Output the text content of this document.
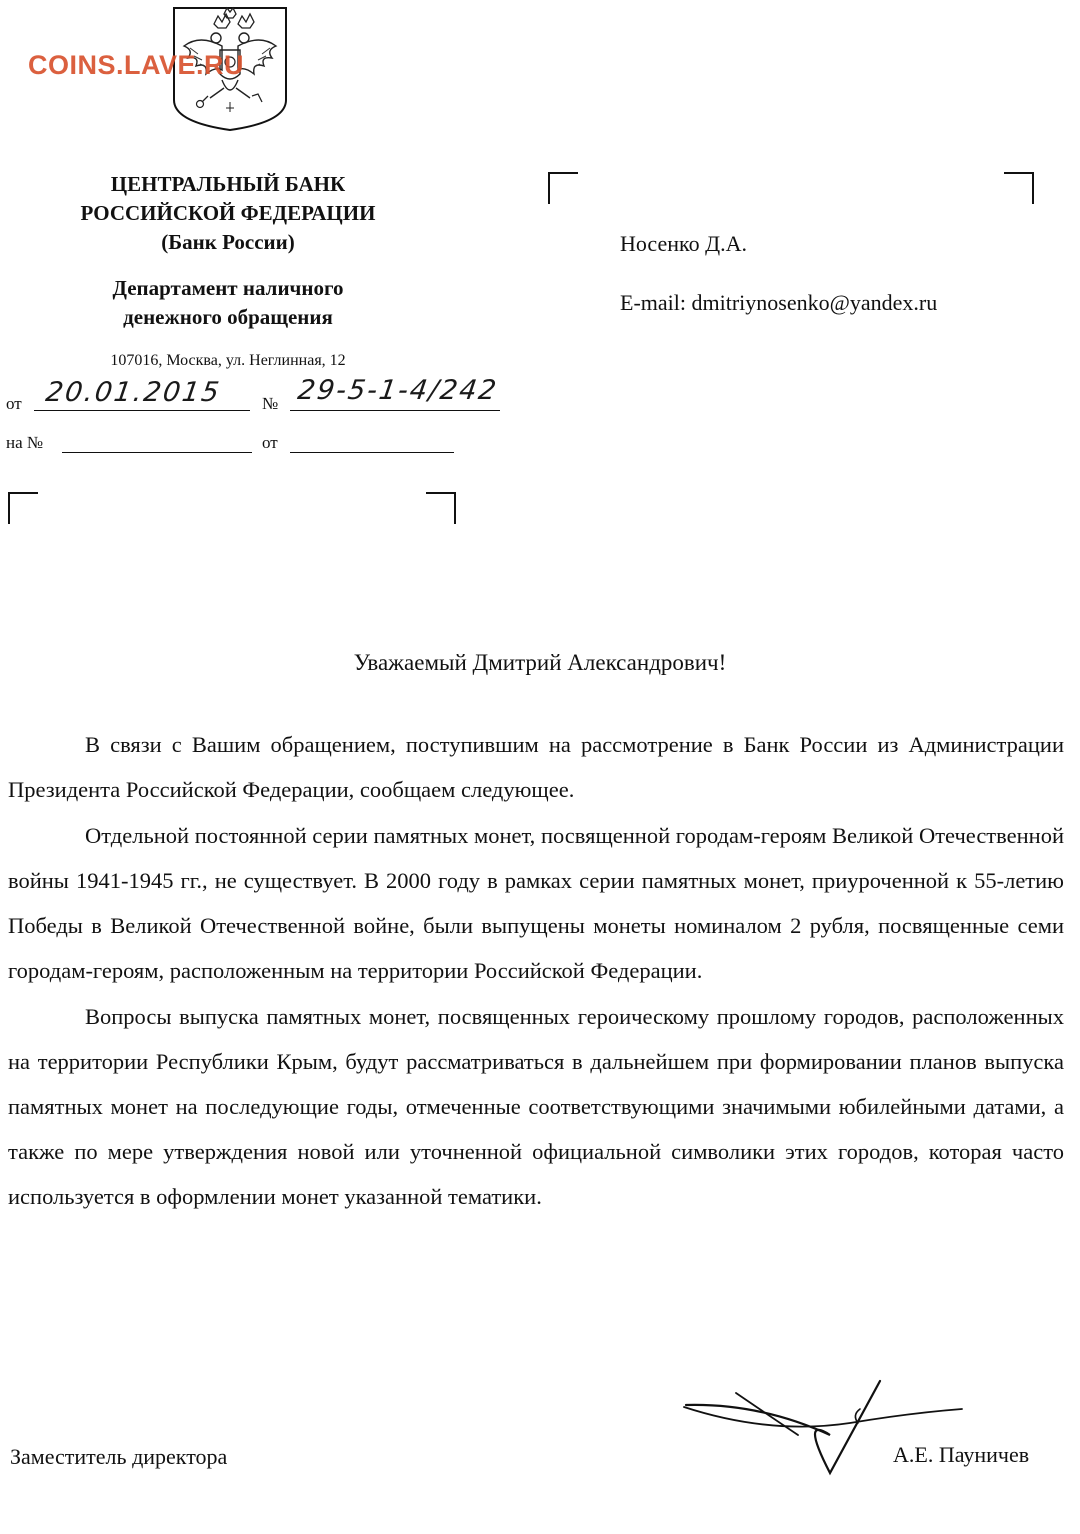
COINS.LAVE.RU
ЦЕНТРАЛЬНЫЙ БАНК
РОССИЙСКОЙ ФЕДЕРАЦИИ
(Банк России)
Департамент наличного
денежного обращения
107016, Москва, ул. Неглинная, 12
от 20.01.2015 № 29-5-1-4/242
на №	от
Носенко Д.А.
E-mail: dmitriynosenko@yandex.ru
Уважаемый Дмитрий Александрович!

В связи с Вашим обращением, поступившим на рассмотрение в Банк России из Администрации Президента Российской Федерации, сообщаем следующее.

Отдельной постоянной серии памятных монет, посвященной городам-героям Великой Отечественной войны 1941-1945 гг., не существует. В 2000 году в рамках серии памятных монет, приуроченной к 55-летию Победы в Великой Отечественной войне, были выпущены монеты номиналом 2 рубля, посвященные семи городам-героям, расположенным на территории Российской Федерации.

Вопросы выпуска памятных монет, посвященных героическому прошлому городов, расположенных на территории Республики Крым, будут рассматриваться в дальнейшем при формировании планов выпуска памятных монет на последующие годы, отмеченные соответствующими значимыми юбилейными датами, а также по мере утверждения новой или уточненной официальной символики этих городов, которая часто используется в оформлении монет указанной тематики.

Заместитель директора	А.Е. Пауничев
